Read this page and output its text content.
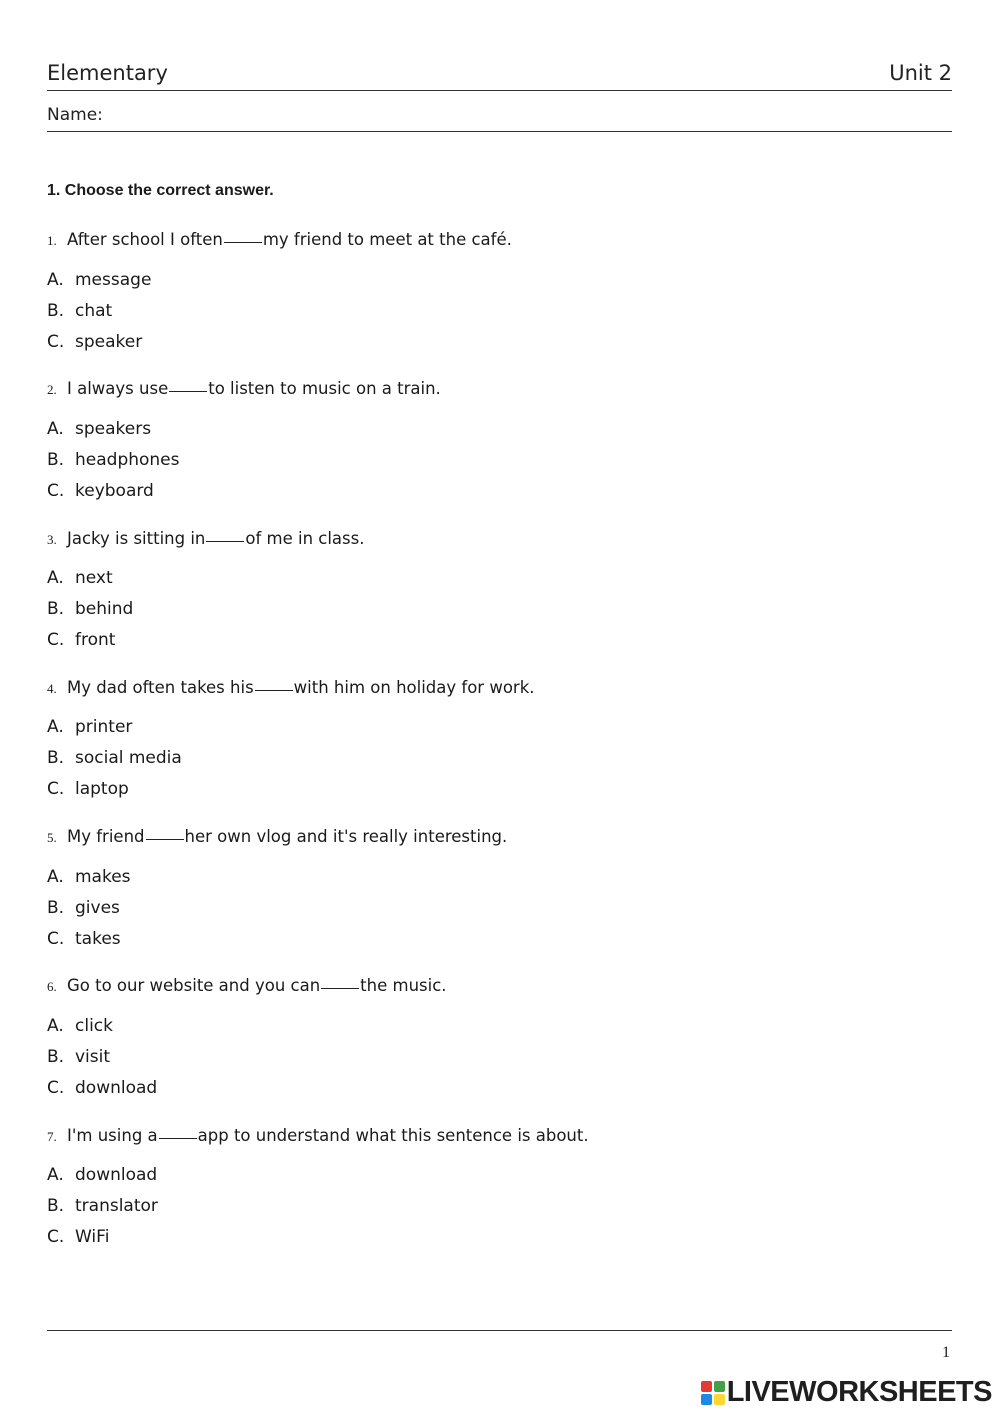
Elementary	Unit 2
Name:
1. Choose the correct answer.
1. After school I often my friend to meet at the café.
A. message
B. chat
C. speaker
2. I always use to listen to music on a train.
A. speakers
B. headphones
C. keyboard
3. Jacky is sitting in of me in class.
A. next
B. behind
C. front
4. My dad often takes his with him on holiday for work.
A. printer
B. social media
C. laptop
5. My friend her own vlog and it's really interesting.
A. makes
B. gives
C. takes
6. Go to our website and you can the music.
A. click
B. visit
C. download
7. I'm using a app to understand what this sentence is about.
A. download
B. translator
C. WiFi
1
LIVEWORKSHEETS
